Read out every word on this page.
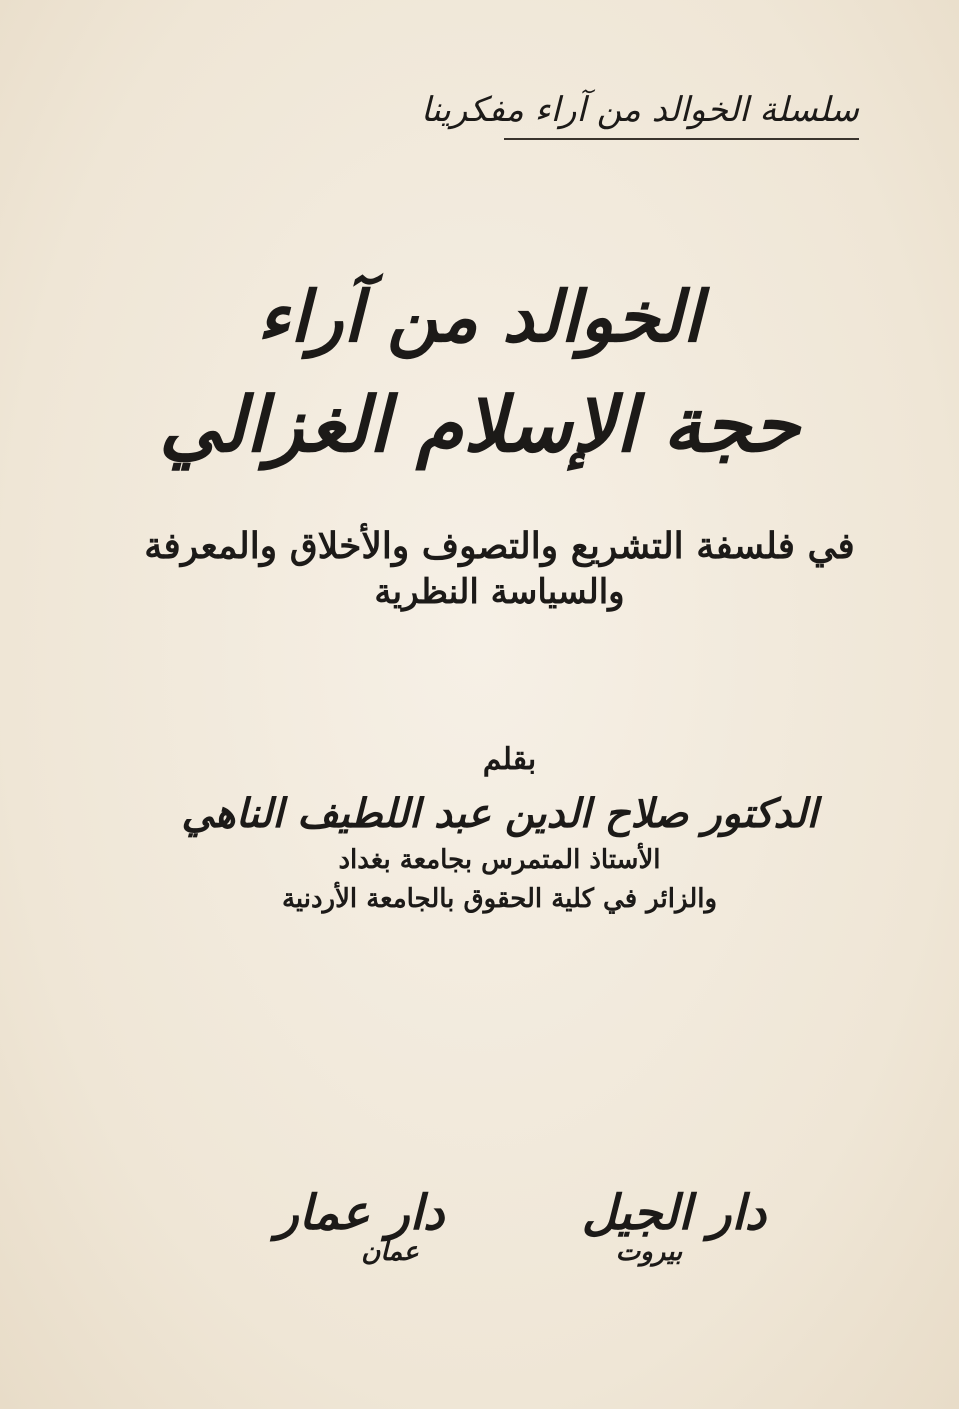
سلسلة الخوالد من آراء مفكرينا
الخوالد من آراء
حجة الإسلام الغزالي
في فلسفة التشريع والتصوف والأخلاق والمعرفة
والسياسة النظرية
بقلم
الدكتور صلاح الدين عبد اللطيف الناهي
الأستاذ المتمرس بجامعة بغداد
والزائر في كلية الحقوق بالجامعة الأردنية
دار الجيل
بيروت
دار عمار
عمان
